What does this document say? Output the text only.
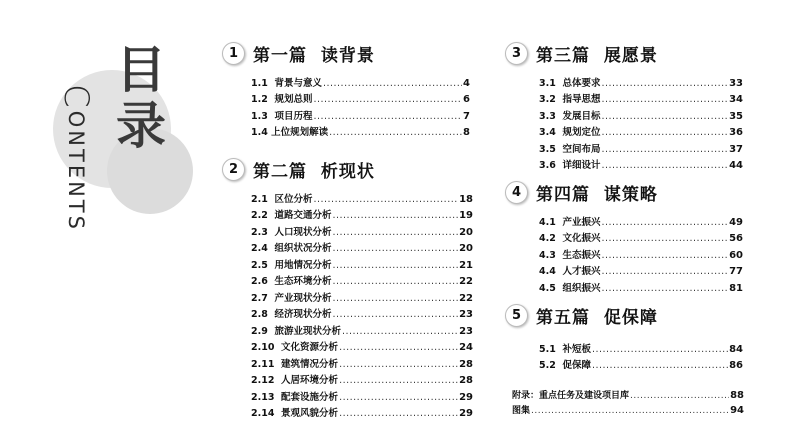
目
录
CONTENTS
1 第一篇  读背景
1.1  背景与意义 .....	4
1.2  规划总则 .....	6
1.3  项目历程 .....	7
1.4 上位规划解读 .....	8
2 第二篇  析现状
2.1  区位分析 .....	18
2.2  道路交通分析 .....	19
2.3  人口现状分析 .....	20
2.4  组织状况分析 .....	20
2.5  用地情况分析 .....	21
2.6  生态环境分析 .....	22
2.7  产业现状分析 .....	22
2.8  经济现状分析 .....	23
2.9  旅游业现状分析 .....	23
2.10  文化资源分析 .....	24
2.11  建筑情况分析 .....	28
2.12  人居环境分析 .....	28
2.13  配套设施分析 .....	29
2.14  景观风貌分析 .....	29
3 第三篇  展愿景
3.1  总体要求 .....	33
3.2  指导思想 .....	34
3.3  发展目标 .....	35
3.4  规划定位 .....	36
3.5  空间布局 .....	37
3.6  详细设计 .....	44
4 第四篇  谋策略
4.1  产业振兴 .....	49
4.2  文化振兴 .....	56
4.3  生态振兴 .....	60
4.4  人才振兴 .....	77
4.5  组织振兴 .....	81
5 第五篇  促保障
5.1  补短板 .....	84
5.2  促保障 .....	86
附录：重点任务及建设项目库 .....	88
图集 .....	94
